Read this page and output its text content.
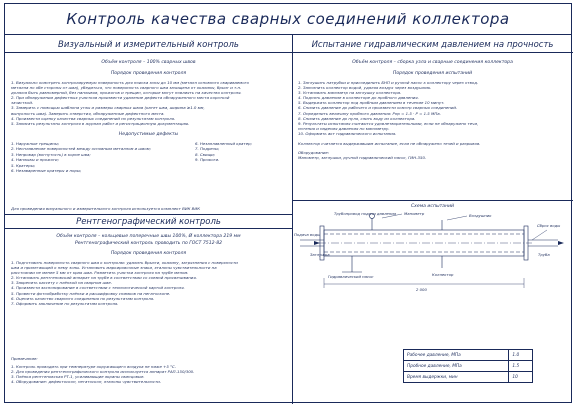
Контроль качества сварных соединений коллектора
Визуальный и измерительный контроль
Объём контроля – 100% сварных швов
Порядок проведения контроля
1. Визуально осмотреть контролируемую поверхность для поиска зоны до 10 мм (металл основного свариваемого
металла по обе стороны от шва), убедиться, что поверхность сварного шва зачищена от окалины, брызг и т.п.
должна быть равномерной, без наплывов, прожогов и трещин, которые могут повлиять на качество контроля.
2. При обнаружении дефектных участков произвести удаление дефекта обнаруженного места короткой
зачисткой.
3. Замерить с помощью шаблона углы и размеры сварных швов (катет шва, ширина ≥1.0 мм,
выпуклость шва). Замерить отверстия, обнаруженные дефектного места.
4. Произвести оценку качества сварных соединений по результатам контроля.
5. Записать результаты контроля в журнал работ и регистрационную документацию.
Недопустимые дефекты
1. Наружные трещины;
2. Несплавление поверхностей между основным металлом и швом;
3. Непровар (вогнутость) в корне шва;
4. Наплывы и прожоги;
5. Кратеры;
6. Незаваренные кратеры и поры;
6. Незаплавленный кратер;
7. Подрезы;
8. Свищи;
9. Прожоги.
Для проведения визуального и измерительного контроля используется комплект ВИК ВИК
Рентгенографический контроль
Объём контроля – кольцевые поперечные швы 100%, Ø коллектора 219 мм
Рентгенографический контроль проводить по ГОСТ 7512-82
Порядок проведения контроля
1. Подготовить поверхность сварного шва к контролю: удалить брызги, окалину, загрязнения с поверхности
шва и прилегающей к нему зоны. Установить маркировочные знаки, эталоны чувствительности на
расстоянии не менее 5 мм от края шва. Разметить участки контроля на трубе мелом.
2. Установить рентгеновский аппарат на трубе в соответствии со схемой просвечивания.
3. Закрепить кассету с плёнкой на сварном шве.
4. Произвести экспонирование в соответствии с технологической картой контроля.
5. Провести фотообработку плёнки и расшифровку снимков на негатоскопе.
6. Оценить качество сварного соединения по результатам контроля.
7. Оформить заключение по результатам контроля.
Примечание:
1. Контроль проводить при температуре окружающего воздуха не ниже +5 °C.
2. Для проведения рентгенографического контроля используется аппарат РАП-150/300.
3. Плёнка рентгеновская РТ-1, усиливающие экраны свинцовые.
4. Оборудование: дефектоскоп, негатоскоп, эталоны чувствительности.
Испытание гидравлическим давлением на прочность
Объём контроля – сборка узла и сварные соединения коллектора
Порядок проведения испытаний
1. Заглушить патрубки и присоединить БНП и ручной насос к коллектору через отвод.
2. Заполнить коллектор водой, удаляя воздух через воздушник.
3. Установить манометр на заглушку коллектора.
4. Поднять давление в коллекторе до пробного давления.
5. Выдержать коллектор под пробным давлением в течение 10 минут.
6. Снизить давление до рабочего и произвести осмотр сварных соединений.
7. Определить величину пробного давления: Рпр = 1.5 · Р = 1.5 МПа.
8. Снизить давление до нуля, слить воду из коллектора.
9. Результаты испытания считаются удовлетворительными, если не обнаружено течи,
потения и падения давления по манометру.
10. Оформить акт гидравлического испытания.
Коллектор считается выдержавшим испытание, если не обнаружено течей и разрывов.
Оборудование:
Манометр, заглушки, ручной гидравлический насос, ГИН-350.
Схема испытаний
Подача воды
Манометр
Трубопровод подачи давления	Воздушник
Сброс воды
Гидравлический насос	Коллектор
Заглушка	Труба
2 000
Рабочее давление, МПа	1.0
Пробное давление, МПа	1.5
Время выдержки, мин	10
